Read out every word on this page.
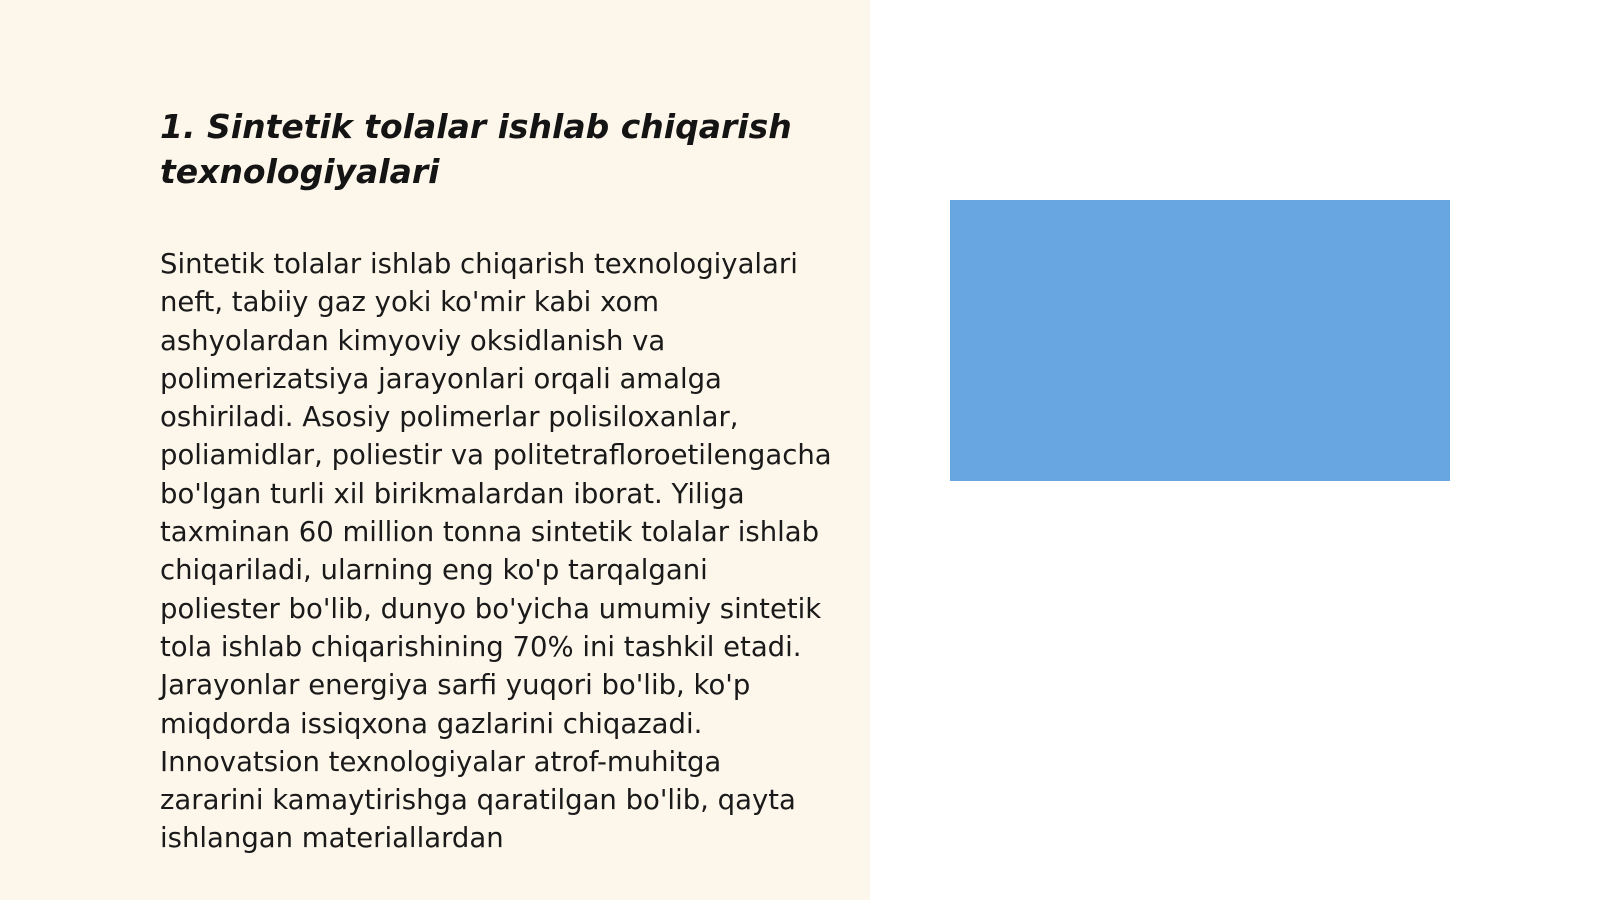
1. Sintetik tolalar ishlab chiqarish texnologiyalari

Sintetik tolalar ishlab chiqarish texnologiyalari neft, tabiiy gaz yoki ko'mir kabi xom ashyolardan kimyoviy oksidlanish va polimerizatsiya jarayonlari orqali amalga oshiriladi. Asosiy polimerlar polisiloxanlar, poliamidlar, poliestir va politetrafloroetilengacha bo'lgan turli xil birikmalardan iborat. Yiliga taxminan 60 million tonna sintetik tolalar ishlab chiqariladi, ularning eng ko'p tarqalgani poliester bo'lib, dunyo bo'yicha umumiy sintetik tola ishlab chiqarishining 70% ini tashkil etadi. Jarayonlar energiya sarfi yuqori bo'lib, ko'p miqdorda issiqxona gazlarini chiqazadi. Innovatsion texnologiyalar atrof-muhitga zararini kamaytirishga qaratilgan bo'lib, qayta ishlangan materiallardan
